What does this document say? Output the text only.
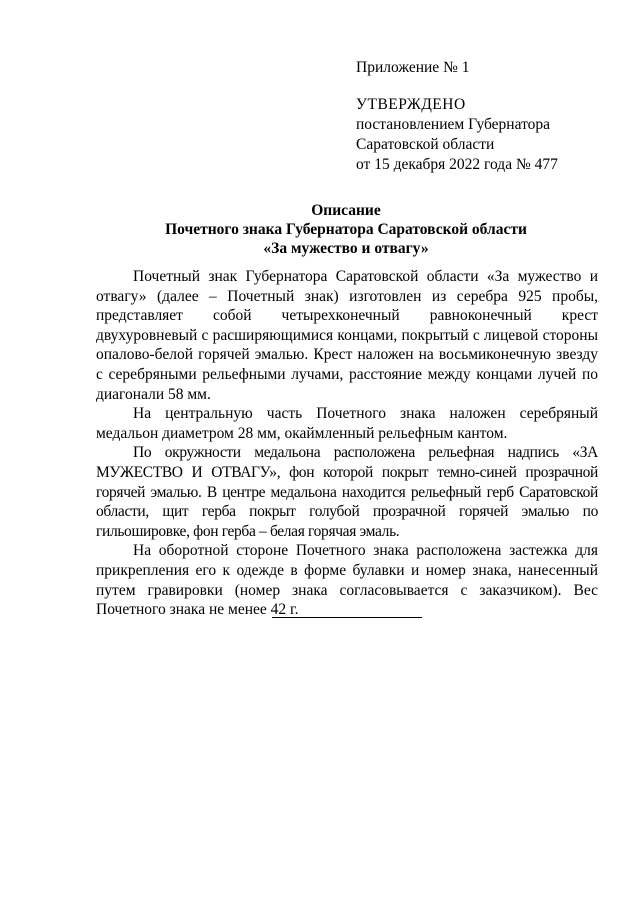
Приложение № 1
УТВЕРЖДЕНО
постановлением Губернатора
Саратовской области
от 15 декабря 2022 года № 477
Описание
Почетного знака Губернатора Саратовской области
«За мужество и отвагу»

Почетный знак Губернатора Саратовской области «За мужество и отвагу» (далее – Почетный знак) изготовлен из серебра 925 пробы, представляет собой четырехконечный равноконечный крест двухуровневый с расширяющимися концами, покрытый с лицевой стороны опалово-белой горячей эмалью. Крест наложен на восьмиконечную звезду с серебряными рельефными лучами, расстояние между концами лучей по диагонали 58 мм.

На центральную часть Почетного знака наложен серебряный медальон диаметром 28 мм, окаймленный рельефным кантом.

По окружности медальона расположена рельефная надпись «ЗА МУЖЕСТВО И ОТВАГУ», фон которой покрыт темно-синей прозрачной горячей эмалью. В центре медальона находится рельефный герб Саратовской области, щит герба покрыт голубой прозрачной горячей эмалью по гильошировке, фон герба – белая горячая эмаль.

На оборотной стороне Почетного знака расположена застежка для прикрепления его к одежде в форме булавки и номер знака, нанесенный путем гравировки (номер знака согласовывается с заказчиком). Вес Почетного знака не менее 42 г.
